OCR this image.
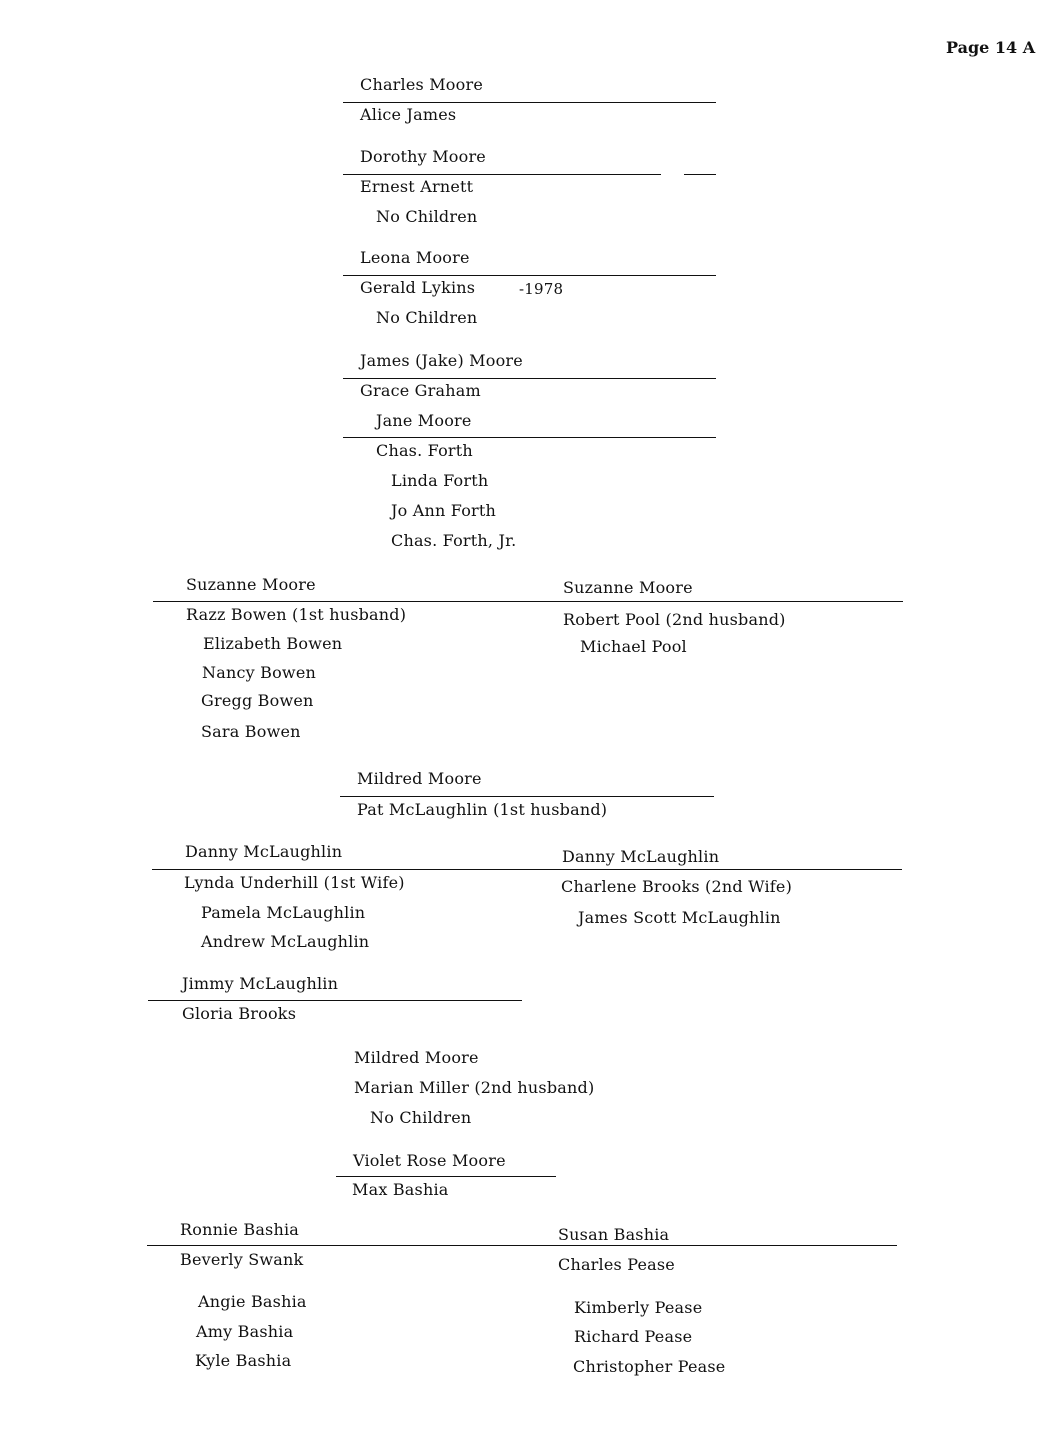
Page 14 A
Charles Moore
Alice James
Dorothy Moore
Ernest Arnett
No Children
Leona Moore
Gerald Lykins	-1978
No Children
James (Jake) Moore
Grace Graham
Jane Moore
Chas. Forth
Linda Forth
Jo Ann Forth
Chas. Forth, Jr.
Suzanne Moore
Razz Bowen (1st husband)
Elizabeth Bowen
Nancy Bowen
Gregg Bowen
Sara Bowen
Suzanne Moore
Robert Pool (2nd husband)
Michael Pool
Mildred Moore
Pat McLaughlin (1st husband)
Danny McLaughlin
Lynda Underhill (1st Wife)
Pamela McLaughlin
Andrew McLaughlin
Danny McLaughlin
Charlene Brooks (2nd Wife)
James Scott McLaughlin
Jimmy McLaughlin
Gloria Brooks
Mildred Moore
Marian Miller (2nd husband)
No Children
Violet Rose Moore
Max Bashia
Ronnie Bashia
Beverly Swank
Angie Bashia
Amy Bashia
Kyle Bashia
Susan Bashia
Charles Pease
Kimberly Pease
Richard Pease
Christopher Pease
